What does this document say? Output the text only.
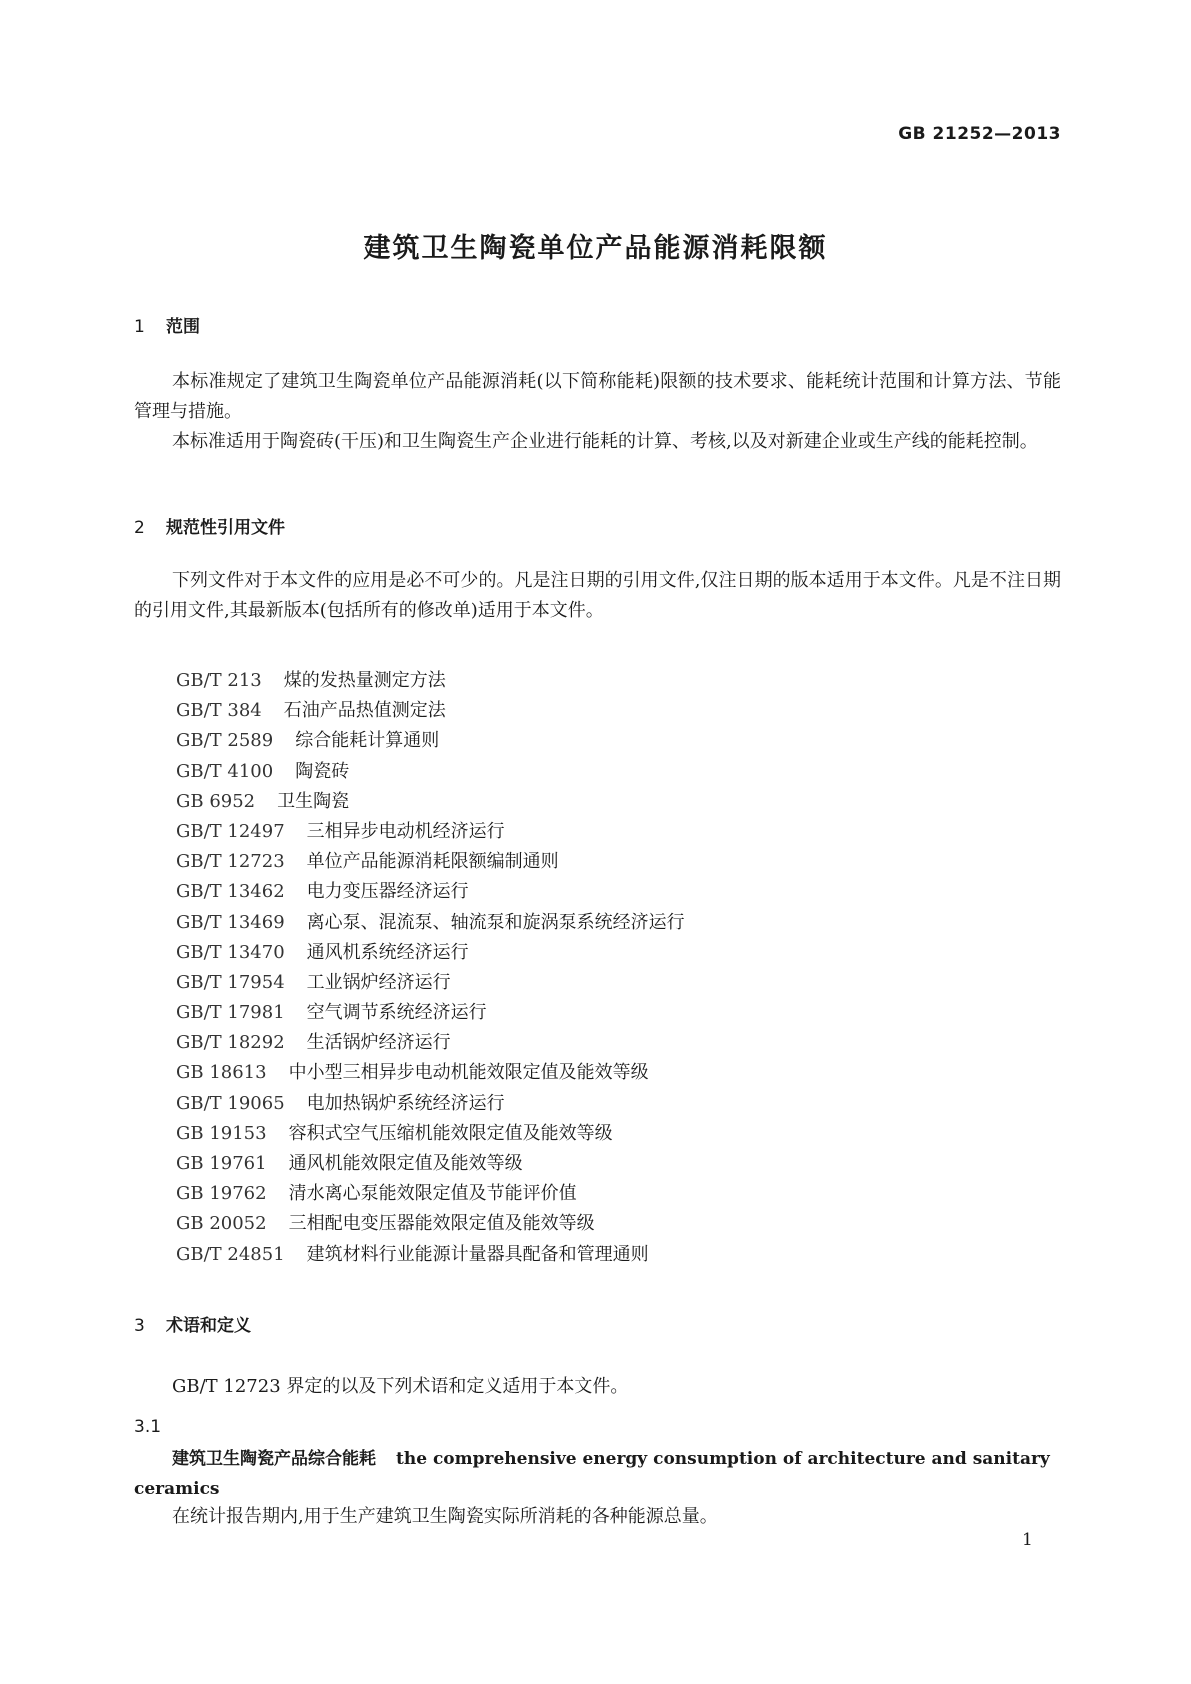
GB 21252—2013
建筑卫生陶瓷单位产品能源消耗限额
1 范围
本标准规定了建筑卫生陶瓷单位产品能源消耗(以下简称能耗)限额的技术要求、能耗统计范围和计算方法、节能管理与措施。
本标准适用于陶瓷砖(干压)和卫生陶瓷生产企业进行能耗的计算、考核,以及对新建企业或生产线的能耗控制。
2 规范性引用文件
下列文件对于本文件的应用是必不可少的。凡是注日期的引用文件,仅注日期的版本适用于本文件。凡是不注日期的引用文件,其最新版本(包括所有的修改单)适用于本文件。
GB/T 213 煤的发热量测定方法
GB/T 384 石油产品热值测定法
GB/T 2589 综合能耗计算通则
GB/T 4100 陶瓷砖
GB 6952 卫生陶瓷
GB/T 12497 三相异步电动机经济运行
GB/T 12723 单位产品能源消耗限额编制通则
GB/T 13462 电力变压器经济运行
GB/T 13469 离心泵、混流泵、轴流泵和旋涡泵系统经济运行
GB/T 13470 通风机系统经济运行
GB/T 17954 工业锅炉经济运行
GB/T 17981 空气调节系统经济运行
GB/T 18292 生活锅炉经济运行
GB 18613 中小型三相异步电动机能效限定值及能效等级
GB/T 19065 电加热锅炉系统经济运行
GB 19153 容积式空气压缩机能效限定值及能效等级
GB 19761 通风机能效限定值及能效等级
GB 19762 清水离心泵能效限定值及节能评价值
GB 20052 三相配电变压器能效限定值及能效等级
GB/T 24851 建筑材料行业能源计量器具配备和管理通则
3 术语和定义
GB/T 12723 界定的以及下列术语和定义适用于本文件。
3.1
建筑卫生陶瓷产品综合能耗 the comprehensive energy consumption of architecture and sanitary ceramics
在统计报告期内,用于生产建筑卫生陶瓷实际所消耗的各种能源总量。
1
